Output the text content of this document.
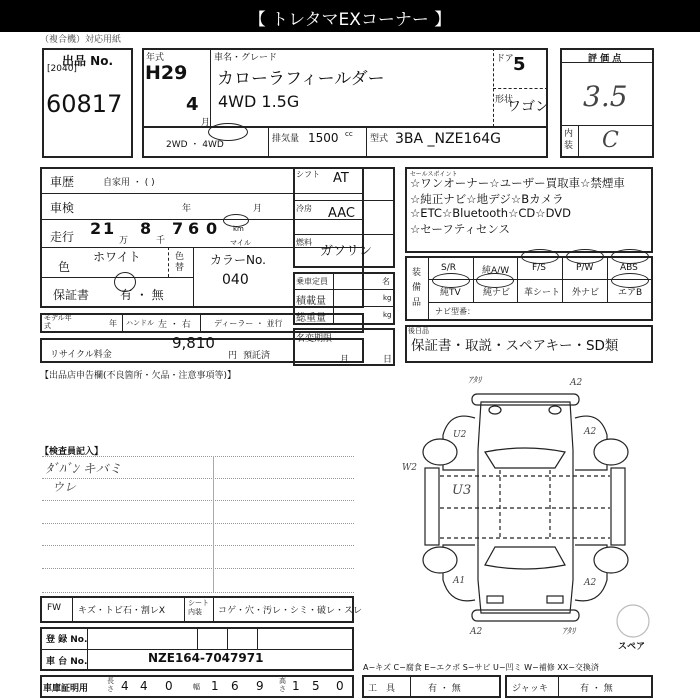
【 トレタマEXコーナー 】
（複合機）対応用紙
出品 No.
[2040]
60817
年式
H29
4
月
車名・グレード
カローラフィールダー
4WD 1.5G
ドア 5
形状
ワゴン
2WD ・ 4WD
排気量 1500 cc 型式 3BA _NZE164G
評 価 点
3.5
内装 C
車歴	自家用 ・ ( )
車検	年	月
走行 2 1
万
8
千
7 6 0 km
マイル
色
ホワイト	色替
カラーNo.
040
保証書	有 ・ 無
モデル年式	年 ハンドル 左 ・ 右	ディーラー ・ 並行
リサイクル料金
9,810
円 預託済
シフト AT
冷房 AAC
燃料
ガソリン
乗車定員	名
積載量	kg
総重量	kg
名変期限
月	日
セールスポイント
☆ワンオーナー☆ユーザー買取車☆禁煙車
☆純正ナビ☆地デジ☆Bカメラ
☆ETC☆Bluetooth☆CD☆DVD
☆セーフティセンス
装備品
S/R	純A/W	F/S	P/W	ABS
純TV 純ナビ 革シート 外ナビ エアB
ナビ型番：
後日品
保証書・取説・スペアキー・SD類
【出品店申告欄(不良箇所・欠品・注意事項等)】
【検査員記入】
ﾀﾞﾊﾞﾝ キバミ
ウレ
FW キズ・トビ石・割レX
シート内装	コゲ・穴・汚レ・シミ・破レ・スレ
登 録 No.
車 台 No.	NZE164-7047971
車庫証明用
長さ 4 4 0	幅 1 6 9 高さ 1 5 0
A−キズ C−腐食 E−エクボ S−サビ U−凹ミ W−補修 XX−交換済
工　具	有 ・ 無	ジャッキ	有 ・ 無
ｱﾀﾘ	A2
U2	A2
W2
U3
A1	A2
A2	ｱﾀﾘ
スペア
